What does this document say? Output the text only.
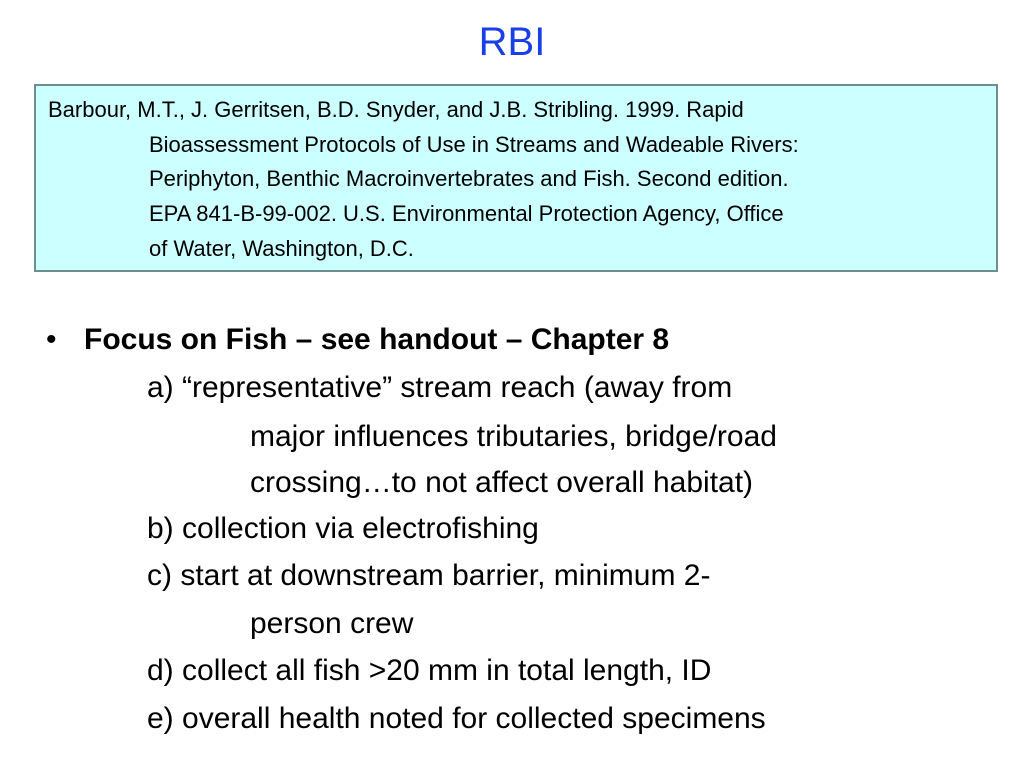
RBI
Barbour, M.T., J. Gerritsen, B.D. Snyder, and J.B. Stribling. 1999. Rapid
Bioassessment Protocols of Use in Streams and Wadeable Rivers:
Periphyton, Benthic Macroinvertebrates and Fish. Second edition.
EPA 841-B-99-002. U.S. Environmental Protection Agency, Office
of Water, Washington, D.C.
• Focus on Fish – see handout – Chapter 8
a) “representative” stream reach (away from
major influences tributaries, bridge/road
crossing…to not affect overall habitat)
b) collection via electrofishing
c) start at downstream barrier, minimum 2-
person crew
d) collect all fish >20 mm in total length, ID
e) overall health noted for collected specimens
